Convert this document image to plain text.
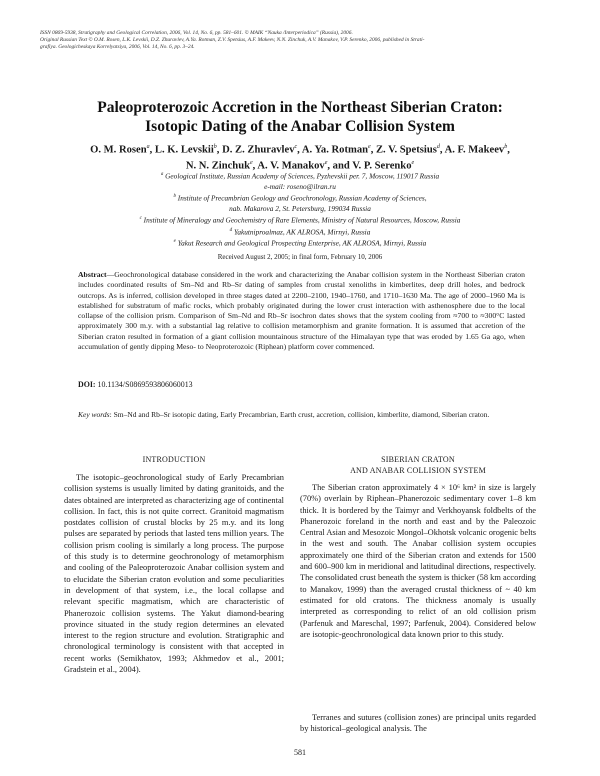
ISSN 0869-5938, Stratigraphy and Geological Correlation, 2006, Vol. 14, No. 6, pp. 581–601. © MAIK “Nauka /Interperiodica” (Russia), 2006.
Original Russian Text © O.M. Rosen, L.K. Levskii, D.Z. Zhuravlev, A.Ya. Rotman, Z.V. Spetsius, A.F. Makeev, N.N. Zinchuk, A.V. Manakov, V.P. Serenko, 2006, published in Strati-
grafiya. Geologicheskaya Korrelyatsiya, 2006, Vol. 14, No. 6, pp. 3–24.
Paleoproterozoic Accretion in the Northeast Siberian Craton:
Isotopic Dating of the Anabar Collision System
O. M. Rosen$^a$, L. K. Levskii$^b$, D. Z. Zhuravlev$^c$, A. Ya. Rotman$^e$, Z. V. Spetsius$^d$, A. F. Makeev$^b$,
N. N. Zinchuk$^e$, A. V. Manakov$^e$, and V. P. Serenko$^e$
$^a$ Geological Institute, Russian Academy of Sciences, Pyzhevskii per. 7, Moscow, 119017 Russia
e-mail: roseno@ilran.ru
$^b$ Institute of Precambrian Geology and Geochronology, Russian Academy of Sciences,
nab. Makarova 2, St. Petersburg, 199034 Russia
$^c$ Institute of Mineralogy and Geochemistry of Rare Elements, Ministry of Natural Resources, Moscow, Russia
$^d$ Yakutniproalmaz, AK ALROSA, Mirnyi, Russia
$^e$ Yakut Research and Geological Prospecting Enterprise, AK ALROSA, Mirnyi, Russia
Received August 2, 2005; in final form, February 10, 2006
Abstract—Geochronological database considered in the work and characterizing the Anabar collision system in the Northeast Siberian craton includes coordinated results of Sm–Nd and Rb–Sr dating of samples from crustal xenoliths in kimberlites, deep drill holes, and bedrock outcrops. As is inferred, collision developed in three stages dated at 2200–2100, 1940–1760, and 1710–1630 Ma. The age of 2000–1960 Ma is established for substratum of mafic rocks, which probably originated during the lower crust interaction with asthenosphere due to the local collapse of the collision prism. Comparison of Sm–Nd and Rb–Sr isochron dates shows that the system cooling from ≈700 to ≈300°C lasted approximately 300 m.y. with a substantial lag relative to collision metamorphism and granite formation. It is assumed that accretion of the Siberian craton resulted in formation of a giant collision mountainous structure of the Himalayan type that was eroded by 1.65 Ga ago, when accumulation of gently dipping Meso- to Neoproterozoic (Riphean) platform cover commenced.
DOI: 10.1134/S0869593806060013
Key words: Sm–Nd and Rb–Sr isotopic dating, Early Precambrian, Earth crust, accretion, collision, kimberlite, diamond, Siberian craton.
INTRODUCTION
The isotopic–geochronological study of Early Precambrian collision systems is usually limited by dating granitoids, and the dates obtained are interpreted as characterizing age of continental collision. In fact, this is not quite correct. Granitoid magmatism postdates collision of crustal blocks by 25 m.y. and its long pulses are separated by periods that lasted tens million years. The collision prism cooling is similarly a long process. The purpose of this study is to determine geochronology of metamorphism and cooling of the Paleoproterozoic Anabar collision system and to elucidate the Siberian craton evolution and some peculiarities in development of that system, i.e., the local collapse and relevant specific magmatism, which are characteristic of Phanerozoic collision systems. The Yakut diamond-bearing province situated in the study region determines an elevated interest to the region structure and evolution. Stratigraphic and chronological terminology is consistent with that accepted in recent works (Semikhatov, 1993; Akhmedov et al., 2001; Gradstein et al., 2004).
SIBERIAN CRATON
AND ANABAR COLLISION SYSTEM
The Siberian craton approximately 4 × 10⁶ km² in size is largely (70%) overlain by Riphean–Phanerozoic sedimentary cover 1–8 km thick. It is bordered by the Taimyr and Verkhoyansk foldbelts of the Phanerozoic foreland in the north and east and by the Paleozoic Central Asian and Mesozoic Mongol–Okhotsk volcanic orogenic belts in the west and south. The Anabar collision system occupies approximately one third of the Siberian craton and extends for 1500 and 600–900 km in meridional and latitudinal directions, respectively. The consolidated crust beneath the system is thicker (58 km according to Manakov, 1999) than the averaged crustal thickness of ~ 40 km estimated for old cratons. The thickness anomaly is usually interpreted as corresponding to relict of an old collision prism (Parfenuk and Mareschal, 1997; Parfenuk, 2004). Considered below are isotopic-geochronological data known prior to this study.
Terranes and sutures (collision zones) are principal units regarded by historical–geological analysis. The
581
